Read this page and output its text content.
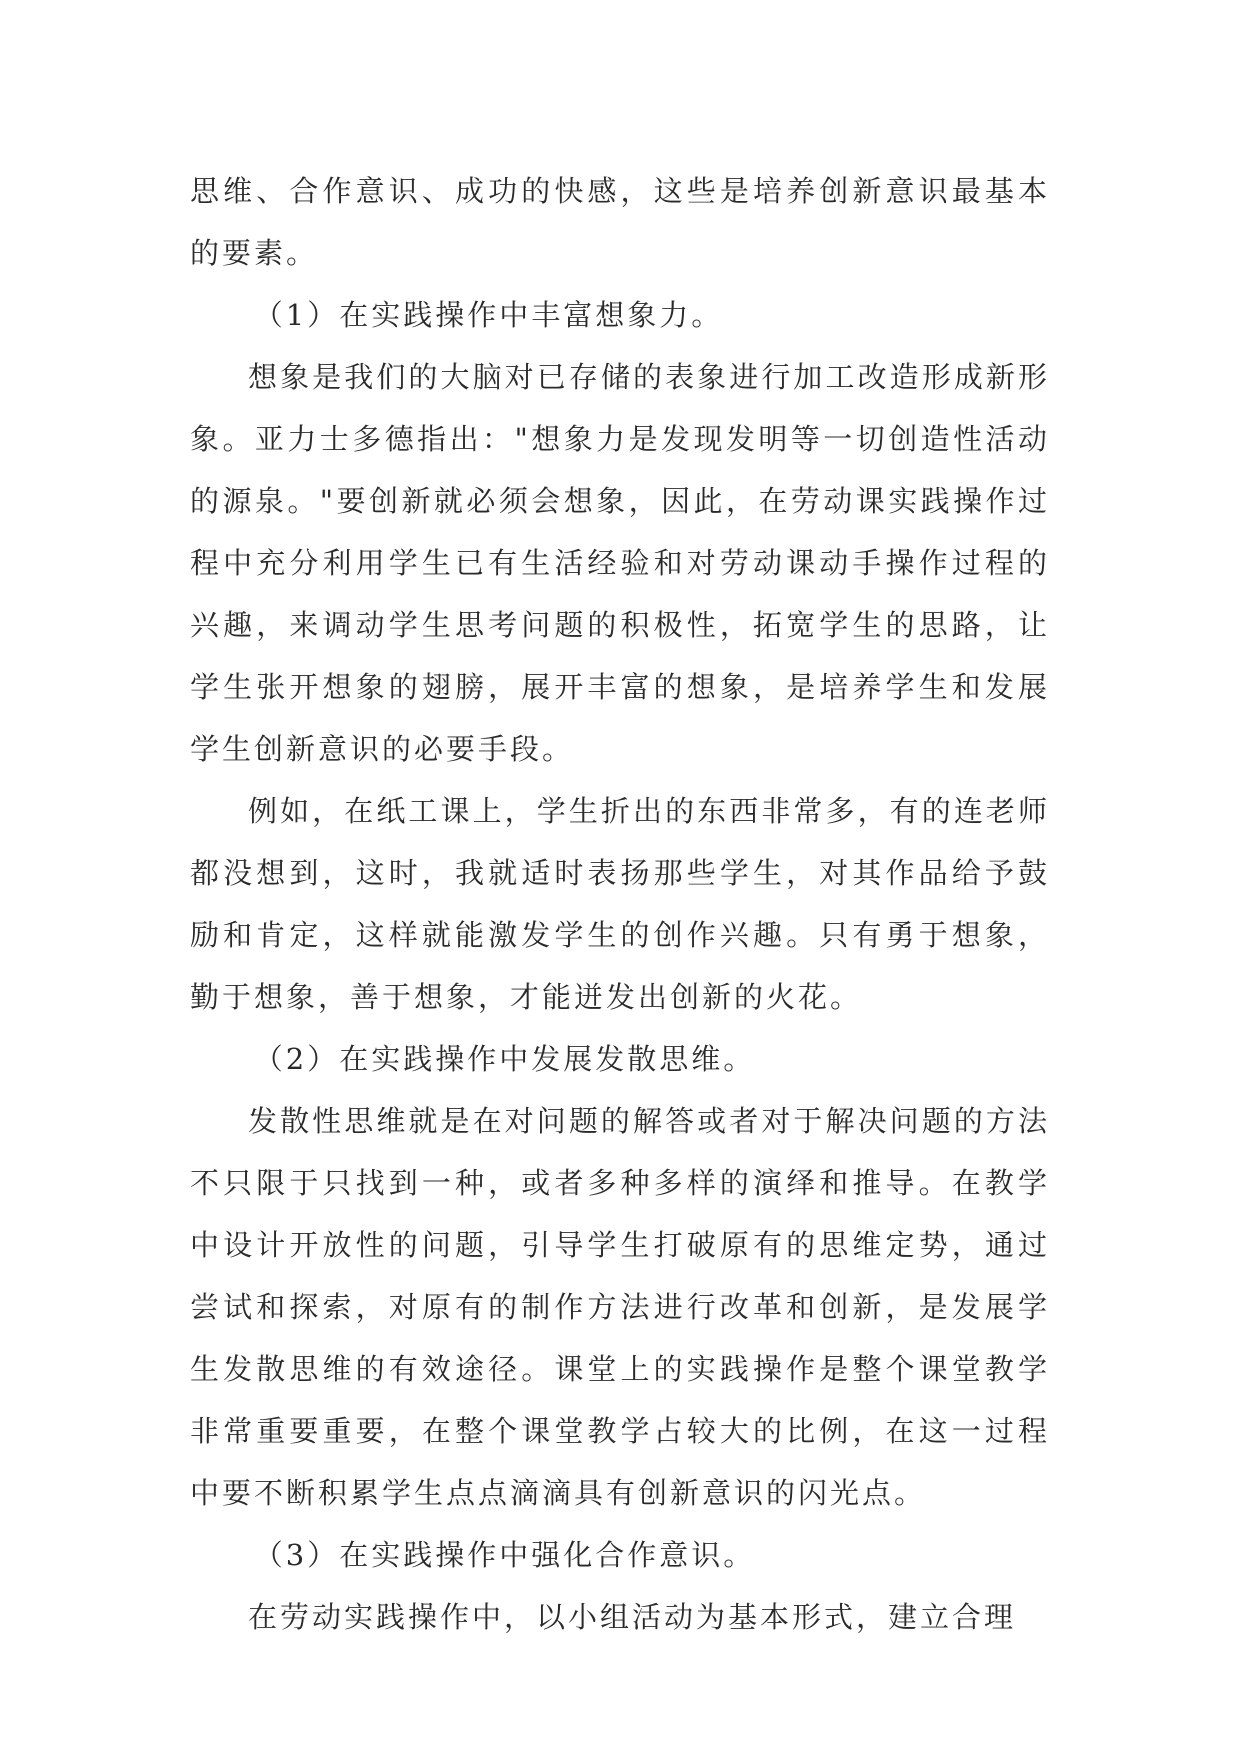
思维、合作意识、成功的快感，这些是培养创新意识最基本的要素。

（1）在实践操作中丰富想象力。

想象是我们的大脑对已存储的表象进行加工改造形成新形象。亚力士多德指出："想象力是发现发明等一切创造性活动的源泉。"要创新就必须会想象，因此，在劳动课实践操作过程中充分利用学生已有生活经验和对劳动课动手操作过程的兴趣，来调动学生思考问题的积极性，拓宽学生的思路，让学生张开想象的翅膀，展开丰富的想象，是培养学生和发展学生创新意识的必要手段。

例如，在纸工课上，学生折出的东西非常多，有的连老师都没想到，这时，我就适时表扬那些学生，对其作品给予鼓励和肯定，这样就能激发学生的创作兴趣。只有勇于想象，勤于想象，善于想象，才能迸发出创新的火花。

（2）在实践操作中发展发散思维。

发散性思维就是在对问题的解答或者对于解决问题的方法不只限于只找到一种，或者多种多样的演绎和推导。在教学中设计开放性的问题，引导学生打破原有的思维定势，通过尝试和探索，对原有的制作方法进行改革和创新，是发展学生发散思维的有效途径。课堂上的实践操作是整个课堂教学非常重要重要，在整个课堂教学占较大的比例，在这一过程中要不断积累学生点点滴滴具有创新意识的闪光点。

（3）在实践操作中强化合作意识。

在劳动实践操作中，以小组活动为基本形式，建立合理
